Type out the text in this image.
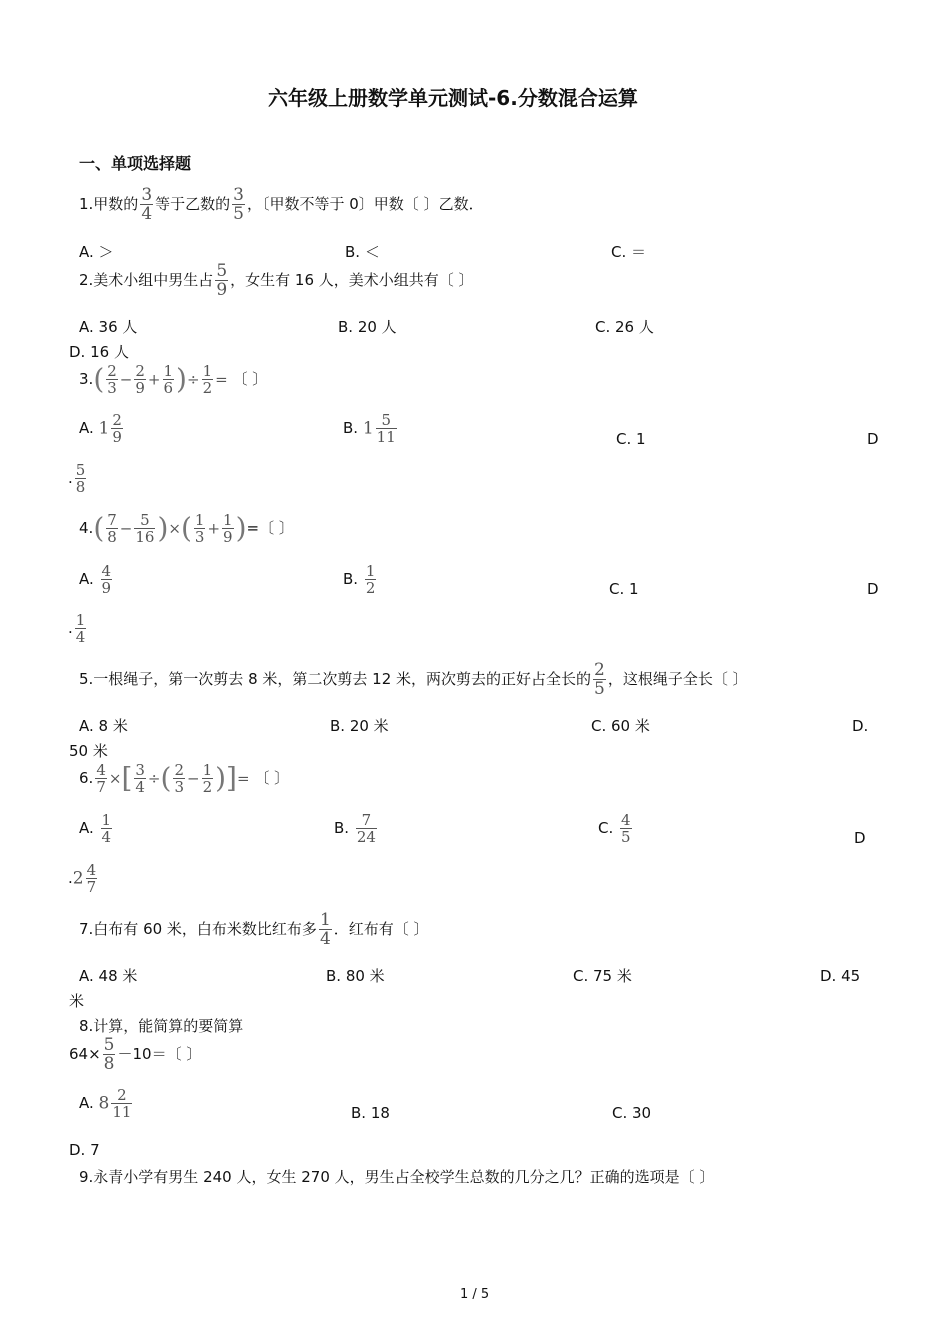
六年级上册数学单元测试-6.分数混合运算
一、单项选择题
1.甲数的 $\frac{3}{4}$ 等于乙数的 $\frac{3}{5}$ ，〔甲数不等于 0〕甲数〔 〕乙数．
A. ＞	B. ＜	C. ＝
2.美术小组中男生占 $\frac{5}{9}$ ，女生有 16 人，美术小组共有〔 〕
A. 36 人	B. 20 人	C. 26 人
D. 16 人
$3.( \frac{2}{3} - \frac{2}{9} + \frac{1}{6}$ )÷ $\frac{1}{2}$ = 〔 〕
A. $1 \frac{2}{9}$	B. $1 \frac{5}{11}$	C. 1	D
. $\frac{5}{8}$
$4.( \frac{7}{8} - \frac{5}{16}$ )×( $\frac{1}{3} + \frac{1}{9}$ )=〔 〕
A. $\frac{4}{9}$	B. $\frac{1}{2}$	C. 1	D
. $\frac{1}{4}$
5.一根绳子，第一次剪去 8 米，第二次剪去 12 米，两次剪去的正好占全长的 $\frac{2}{5}$ ，这根绳子全长〔 〕
A. 8 米	B. 20 米	C. 60 米	D.
50 米
6. $\frac{4}{7}$ ×[ $\frac{3}{4}$ ÷( $\frac{2}{3} - \frac{1}{2}$ )]= 〔 〕
A. $\frac{1}{4}$	B. $\frac{7}{24}$	C. $\frac{4}{5}$	D
$.2 \frac{4}{7}$
7.白布有 60 米，白布米数比红布多 $\frac{1}{4}$ ．红布有〔 〕
A. 48 米	B. 80 米	C. 75 米	D. 45
米
8.计算，能简算的要简算
$64\times \frac{5}{8} -10=$〔 〕
A. $8 \frac{2}{11}$	B. 18	C. 30
D. 7
9.永青小学有男生 240 人，女生 270 人，男生占全校学生总数的几分之几？正确的选项是〔 〕
1 / 5
